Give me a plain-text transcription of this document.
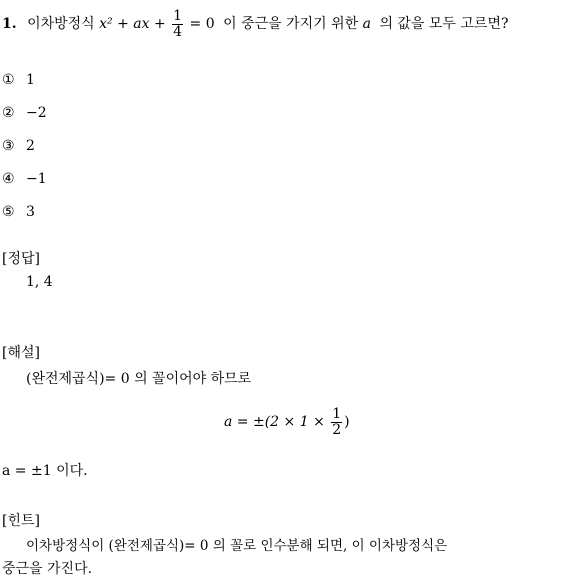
1. 이차방정식 x² + ax + $\frac{1}{4} = 0$ 이 중근을 가지기 위한 a 의 값을 모두 고르면?
① 1
② −2
③ 2
④ −1
⑤ 3
[정답]
1, 4
[해설]
(완전제곱식)= 0 의 꼴이어야 하므로
$a = \pm(2 \times 1 \times \frac{1}{2}$ )
a = ±1 이다.
[힌트]
이차방정식이 (완전제곱식)= 0 의 꼴로 인수분해 되면, 이 이차방정식은
중근을 가진다.
